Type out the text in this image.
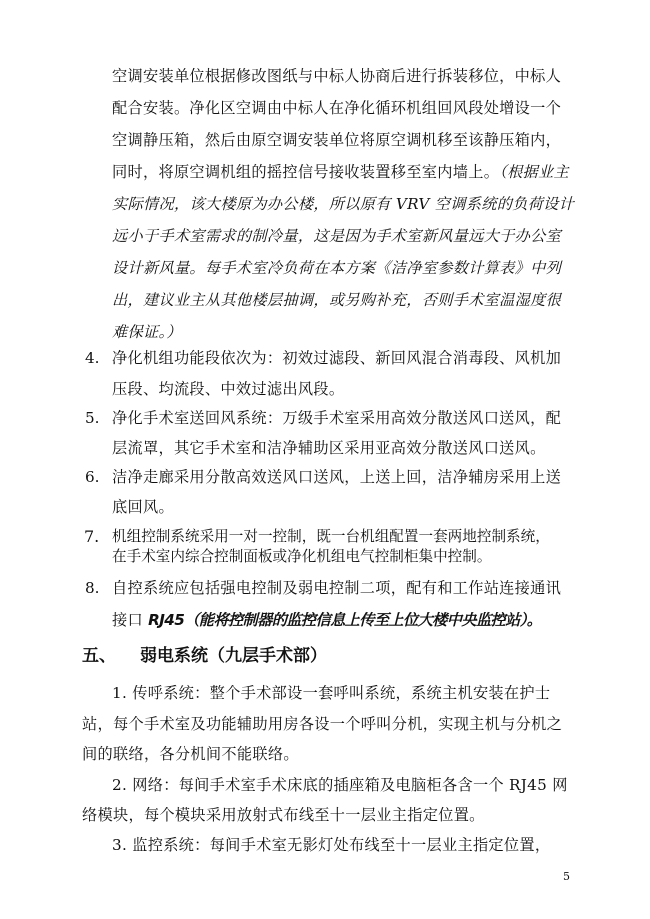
空调安装单位根据修改图纸与中标人协商后进行拆装移位，中标人
配合安装。净化区空调由中标人在净化循环机组回风段处增设一个
空调静压箱，然后由原空调安装单位将原空调机移至该静压箱内，
同时，将原空调机组的摇控信号接收装置移至室内墙上。（根据业主
实际情况，该大楼原为办公楼，所以原有 VRV 空调系统的负荷设计
远小于手术室需求的制冷量，这是因为手术室新风量远大于办公室
设计新风量。每手术室冷负荷在本方案《洁净室参数计算表》中列
出，建议业主从其他楼层抽调，或另购补充，否则手术室温湿度很
难保证。）
4. 净化机组功能段依次为：初效过滤段、新回风混合消毒段、风机加
压段、均流段、中效过滤出风段。
5. 净化手术室送回风系统：万级手术室采用高效分散送风口送风，配
层流罩，其它手术室和洁净辅助区采用亚高效分散送风口送风。
6. 洁净走廊采用分散高效送风口送风，上送上回，洁净辅房采用上送
底回风。
7. 机组控制系统采用一对一控制，既一台机组配置一套两地控制系统，
在手术室内综合控制面板或净化机组电气控制柜集中控制。
8. 自控系统应包括强电控制及弱电控制二项，配有和工作站连接通讯
接口 RJ45（能将控制器的监控信息上传至上位大楼中央监控站）。
五、 弱电系统（九层手术部）
1. 传呼系统：整个手术部设一套呼叫系统，系统主机安装在护士
站，每个手术室及功能辅助用房各设一个呼叫分机，实现主机与分机之
间的联络，各分机间不能联络。
2. 网络：每间手术室手术床底的插座箱及电脑柜各含一个 RJ45 网
络模块，每个模块采用放射式布线至十一层业主指定位置。
3. 监控系统：每间手术室无影灯处布线至十一层业主指定位置，
5
